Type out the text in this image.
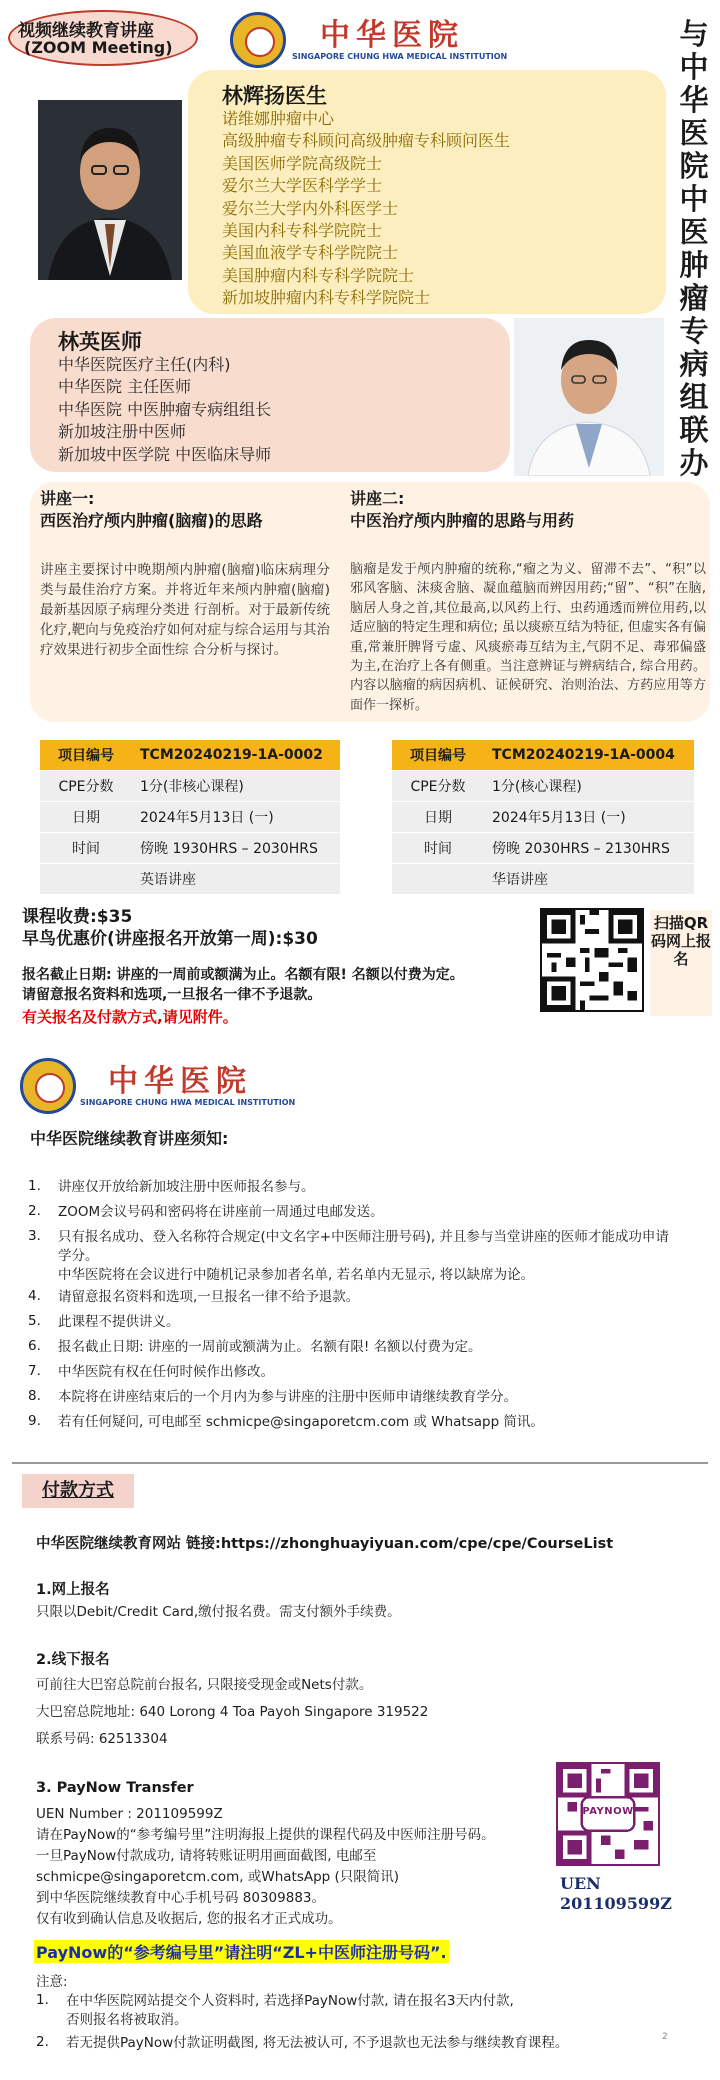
视频继续教育讲座
(ZOOM Meeting)	中华医院
SINGAPORE CHUNG HWA MEDICAL INSTITUTION
与中华医院中医肿瘤专病组联办
林辉扬医生
诺维娜肿瘤中心
高级肿瘤专科顾问高级肿瘤专科顾问医生
美国医师学院高级院士
爱尔兰大学医科学学士
爱尔兰大学内外科医学士
美国内科专科学院院士
美国血液学专科学院院士
美国肿瘤内科专科学院院士
新加坡肿瘤内科专科学院院士
林英医师
中华医院医疗主任(内科)
中华医院 主任医师
中华医院 中医肿瘤专病组组长
新加坡注册中医师
新加坡中医学院 中医临床导师
讲座一:
西医治疗颅内肿瘤(脑瘤)的思路
讲座主要探讨中晚期颅内肿瘤(脑瘤)临床病理分类与最佳治疗方案。并将近年来颅内肿瘤(脑瘤)最新基因原子病理分类进 行剖析。对于最新传统化疗,靶向与免疫治疗如何对症与综合运用与其治疗效果进行初步全面性综 合分析与探讨。
讲座二:
中医治疗颅内肿瘤的思路与用药
脑瘤是发于颅内肿瘤的统称,“瘤之为义、留滞不去”、“积”以邪风客脑、沫痰舍脑、凝血蕴脑而辨因用药;“留”、“积”在脑,脑居人身之首,其位最高,以风药上行、虫药通透而辨位用药,以适应脑的特定生理和病位; 虽以痰瘀互结为特征, 但虚实各有偏重,常兼肝脾肾亏虚、风痰瘀毒互结为主,气阴不足、毒邪偏盛为主,在治疗上各有侧重。当注意辨证与辨病结合, 综合用药。 内容以脑瘤的病因病机、证候研究、治则治法、方药应用等方面作一探析。
项目编号	TCM20240219-1A-0002
CPE分数	1分(非核心课程)
日期	2024年5月13日 (一)
时间	傍晚 1930HRS – 2030HRS
	英语讲座
项目编号	TCM20240219-1A-0004
CPE分数	1分(核心课程)
日期	2024年5月13日 (一)
时间	傍晚 2030HRS – 2130HRS
	华语讲座
课程收费:$35
早鸟优惠价(讲座报名开放第一周):$30
报名截止日期: 讲座的一周前或额满为止。名额有限! 名额以付费为定。
请留意报名资料和选项,一旦报名一律不予退款。
有关报名及付款方式,请见附件。
扫描QR码网上报名
中华医院
SINGAPORE CHUNG HWA MEDICAL INSTITUTION
中华医院继续教育讲座须知:
1.	讲座仅开放给新加坡注册中医师报名参与。
2.	ZOOM会议号码和密码将在讲座前一周通过电邮发送。
3.	只有报名成功、登入名称符合规定(中文名字+中医师注册号码), 并且参与当堂讲座的医师才能成功申请学分。
中华医院将在会议进行中随机记录参加者名单, 若名单内无显示, 将以缺席为论。
4.	请留意报名资料和选项,一旦报名一律不给予退款。
5.	此课程不提供讲义。
6.	报名截止日期: 讲座的一周前或额满为止。名额有限! 名额以付费为定。
7.	中华医院有权在任何时候作出修改。
8.	本院将在讲座结束后的一个月内为参与讲座的注册中医师申请继续教育学分。
9.	若有任何疑问, 可电邮至 schmicpe@singaporetcm.com 或 Whatsapp 简讯。
付款方式
中华医院继续教育网站 链接:https://zhonghuayiyuan.com/cpe/cpe/CourseList
1.网上报名
只限以Debit/Credit Card,缴付报名费。需支付额外手续费。
2.线下报名
可前往大巴窑总院前台报名, 只限接受现金或Nets付款。
大巴窑总院地址: 640 Lorong 4 Toa Payoh Singapore 319522
联系号码: 62513304
3. PayNow Transfer
UEN Number : 201109599Z
请在PayNow的“参考编号里”注明海报上提供的课程代码及中医师注册号码。
一旦PayNow付款成功, 请将转账证明用画面截图, 电邮至
schmicpe@singaporetcm.com, 或WhatsApp (只限简讯)
到中华医院继续教育中心手机号码 80309883。
仅有收到确认信息及收据后, 您的报名才正式成功。
PAYNOW
UEN
201109599Z
PayNow的“参考编号里”请注明“ZL+中医师注册号码”.
注意:
1.	在中华医院网站提交个人资料时, 若选择PayNow付款, 请在报名3天内付款,
否则报名将被取消。
2.	若无提供PayNow付款证明截图, 将无法被认可, 不予退款也无法参与继续教育课程。	2
